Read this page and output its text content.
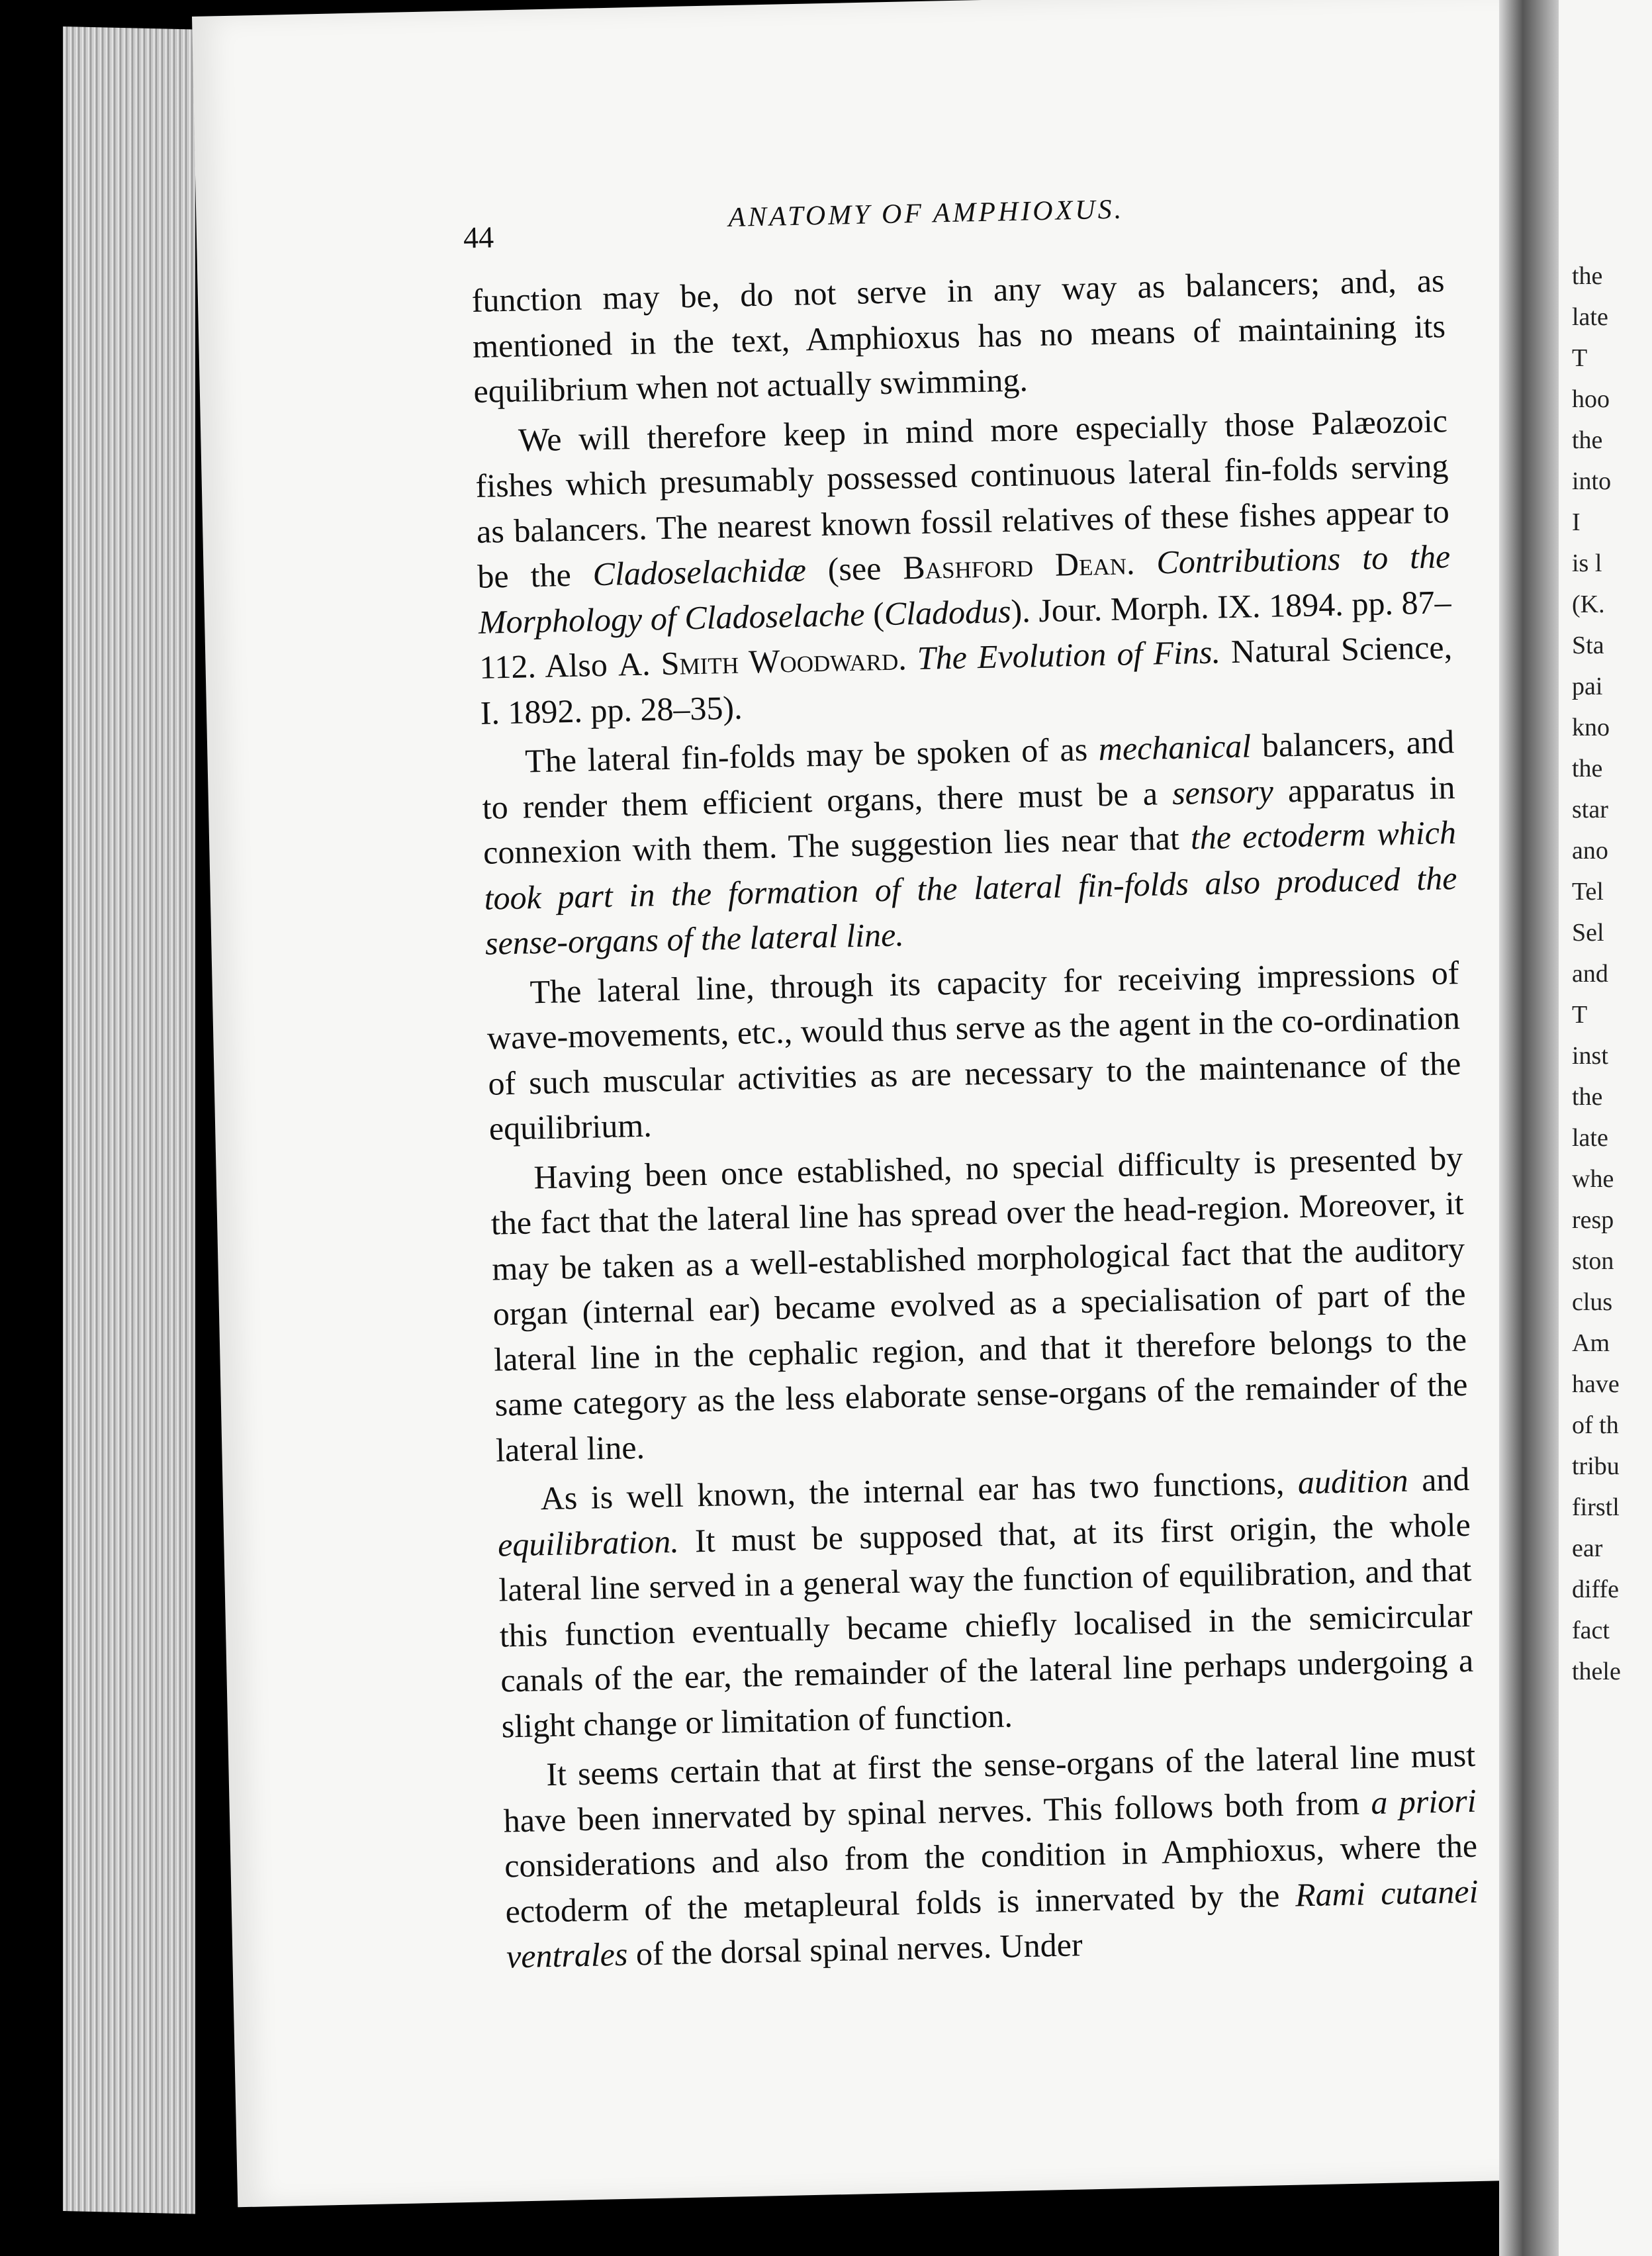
44
ANATOMY OF AMPHIOXUS.

function may be, do not serve in any way as balancers; and, as mentioned in the text, Amphioxus has no means of maintaining its equilibrium when not actually swimming.

We will therefore keep in mind more especially those Palæozoic fishes which presumably possessed continuous lateral fin-folds serving as balancers. The nearest known fossil relatives of these fishes appear to be the Cladoselachidæ (see Bashford Dean. Contributions to the Morphology of Cladoselache (Cladodus). Jour. Morph. IX. 1894. pp. 87–112. Also A. Smith Woodward. The Evolution of Fins. Natural Science, I. 1892. pp. 28–35).

The lateral fin-folds may be spoken of as mechanical balancers, and to render them efficient organs, there must be a sensory apparatus in connexion with them. The suggestion lies near that the ectoderm which took part in the formation of the lateral fin-folds also produced the sense-organs of the lateral line.

The lateral line, through its capacity for receiving impressions of wave-movements, etc., would thus serve as the agent in the co-ordination of such muscular activities as are necessary to the maintenance of the equilibrium.

Having been once established, no special difficulty is presented by the fact that the lateral line has spread over the head-region. Moreover, it may be taken as a well-established morphological fact that the auditory organ (internal ear) became evolved as a specialisation of part of the lateral line in the cephalic region, and that it therefore belongs to the same category as the less elaborate sense-organs of the remainder of the lateral line.

As is well known, the internal ear has two functions, audition and equilibration. It must be supposed that, at its first origin, the whole lateral line served in a general way the function of equilibration, and that this function eventually became chiefly localised in the semicircular canals of the ear, the remainder of the lateral line perhaps undergoing a slight change or limitation of function.

It seems certain that at first the sense-organs of the lateral line must have been innervated by spinal nerves. This follows both from a priori considerations and also from the condition in Amphioxus, where the ectoderm of the metapleural folds is innervated by the Rami cutanei ventrales of the dorsal spinal nerves. Under

the
late
T
hoo
the
into
I
is l
(K.
Sta
pai
kno
the
star
ano
Tel
Sel
and
T
inst
the
late
whe
resp
ston
clus
Am
have
of th
tribu
firstl
ear
diffe
fact
thele
